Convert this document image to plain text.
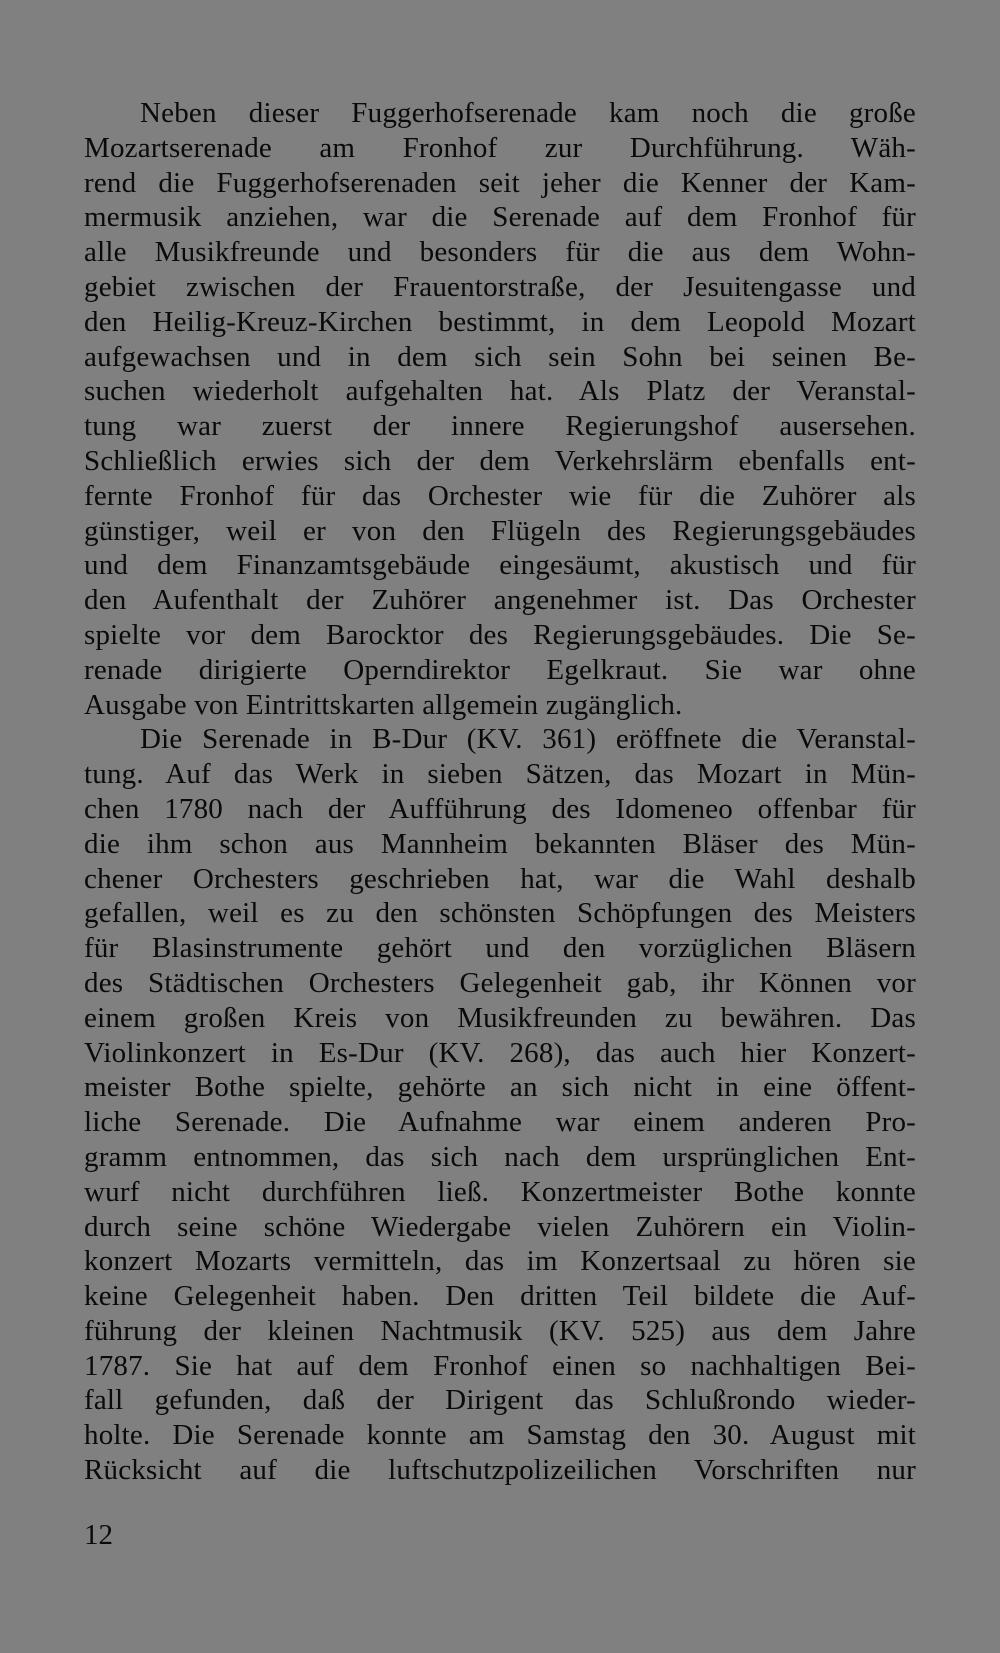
Neben dieser Fuggerhofserenade kam noch die große
Mozartserenade am Fronhof zur Durchführung. Wäh-
rend die Fuggerhofserenaden seit jeher die Kenner der Kam-
mermusik anziehen, war die Serenade auf dem Fronhof für
alle Musikfreunde und besonders für die aus dem Wohn-
gebiet zwischen der Frauentorstraße, der Jesuitengasse und
den Heilig-Kreuz-Kirchen bestimmt, in dem Leopold Mozart
aufgewachsen und in dem sich sein Sohn bei seinen Be-
suchen wiederholt aufgehalten hat. Als Platz der Veranstal-
tung war zuerst der innere Regierungshof ausersehen.
Schließlich erwies sich der dem Verkehrslärm ebenfalls ent-
fernte Fronhof für das Orchester wie für die Zuhörer als
günstiger, weil er von den Flügeln des Regierungsgebäudes
und dem Finanzamtsgebäude eingesäumt, akustisch und für
den Aufenthalt der Zuhörer angenehmer ist. Das Orchester
spielte vor dem Barocktor des Regierungsgebäudes. Die Se-
renade dirigierte Operndirektor Egelkraut. Sie war ohne
Ausgabe von Eintrittskarten allgemein zugänglich.
Die Serenade in B-Dur (KV. 361) eröffnete die Veranstal-
tung. Auf das Werk in sieben Sätzen, das Mozart in Mün-
chen 1780 nach der Aufführung des Idomeneo offenbar für
die ihm schon aus Mannheim bekannten Bläser des Mün-
chener Orchesters geschrieben hat, war die Wahl deshalb
gefallen, weil es zu den schönsten Schöpfungen des Meisters
für Blasinstrumente gehört und den vorzüglichen Bläsern
des Städtischen Orchesters Gelegenheit gab, ihr Können vor
einem großen Kreis von Musikfreunden zu bewähren. Das
Violinkonzert in Es-Dur (KV. 268), das auch hier Konzert-
meister Bothe spielte, gehörte an sich nicht in eine öffent-
liche Serenade. Die Aufnahme war einem anderen Pro-
gramm entnommen, das sich nach dem ursprünglichen Ent-
wurf nicht durchführen ließ. Konzertmeister Bothe konnte
durch seine schöne Wiedergabe vielen Zuhörern ein Violin-
konzert Mozarts vermitteln, das im Konzertsaal zu hören sie
keine Gelegenheit haben. Den dritten Teil bildete die Auf-
führung der kleinen Nachtmusik (KV. 525) aus dem Jahre
1787. Sie hat auf dem Fronhof einen so nachhaltigen Bei-
fall gefunden, daß der Dirigent das Schlußrondo wieder-
holte. Die Serenade konnte am Samstag den 30. August mit
Rücksicht auf die luftschutzpolizeilichen Vorschriften nur
12
